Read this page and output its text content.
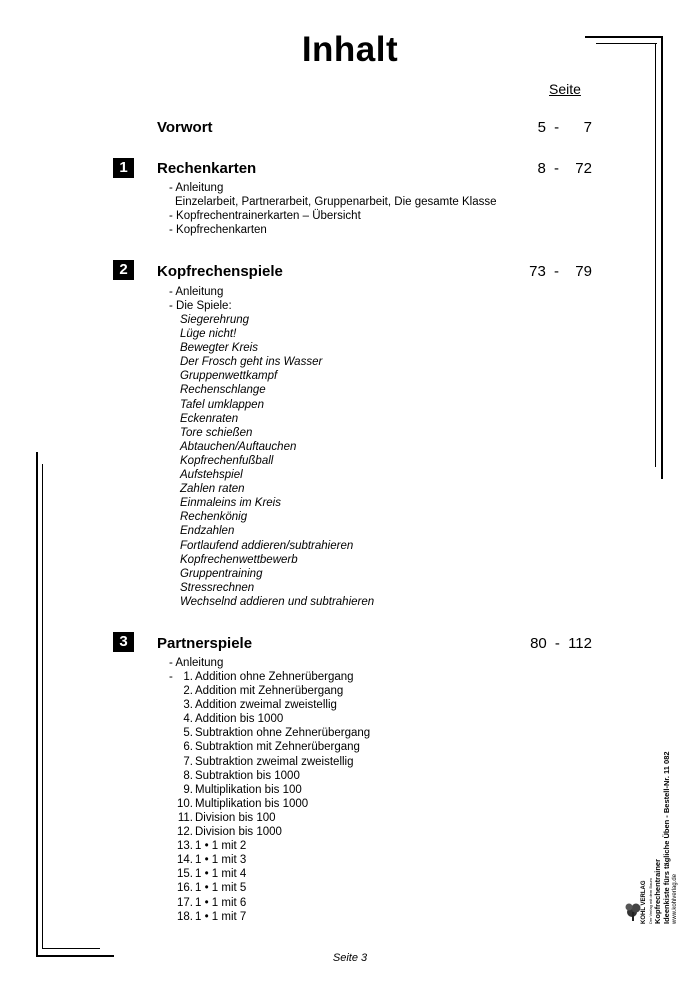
Inhalt
Seite
Vorwort	5 -   7
1	Rechenkarten	8 -  72
- Anleitung
Einzelarbeit, Partnerarbeit, Gruppenarbeit, Die gesamte Klasse
- Kopfrechentrainerkarten – Übersicht
- Kopfrechenkarten
2	Kopfrechenspiele	73 -  79
- Anleitung
- Die Spiele:
Siegerehrung
Lüge nicht!
Bewegter Kreis
Der Frosch geht ins Wasser
Gruppenwettkampf
Rechenschlange
Tafel umklappen
Eckenraten
Tore schießen
Abtauchen/Auftauchen
Kopfrechenfußball
Aufstehspiel
Zahlen raten
Einmaleins im Kreis
Rechenkönig
Endzahlen
Fortlaufend addieren/subtrahieren
Kopfrechenwettbewerb
Gruppentraining
Stressrechnen
Wechselnd addieren und subtrahieren
3	Partnerspiele	80 - 112
- Anleitung
- 1.
2.
3.
4.
5.
6.
7.
8.
9.
10.
11.
12.
13.
14.
15.
16.
17.
18.
Addition ohne Zehnerübergang
Addition mit Zehnerübergang
Addition zweimal zweistellig
Addition bis 1000
Subtraktion ohne Zehnerübergang
Subtraktion mit Zehnerübergang
Subtraktion zweimal zweistellig
Subtraktion bis 1000
Multiplikation bis 100
Multiplikation bis 1000
Division bis 100
Division bis 1000
1 • 1 mit 2
1 • 1 mit 3
1 • 1 mit 4
1 • 1 mit 5
1 • 1 mit 6
1 • 1 mit 7	Kopfrechentrainer Ideenkiste fürs tägliche Üben - Bestell-Nr. 11 082 www.kohlverlag.de
KOHL VERLAG Der Verlag mit dem Baum
Seite 3
